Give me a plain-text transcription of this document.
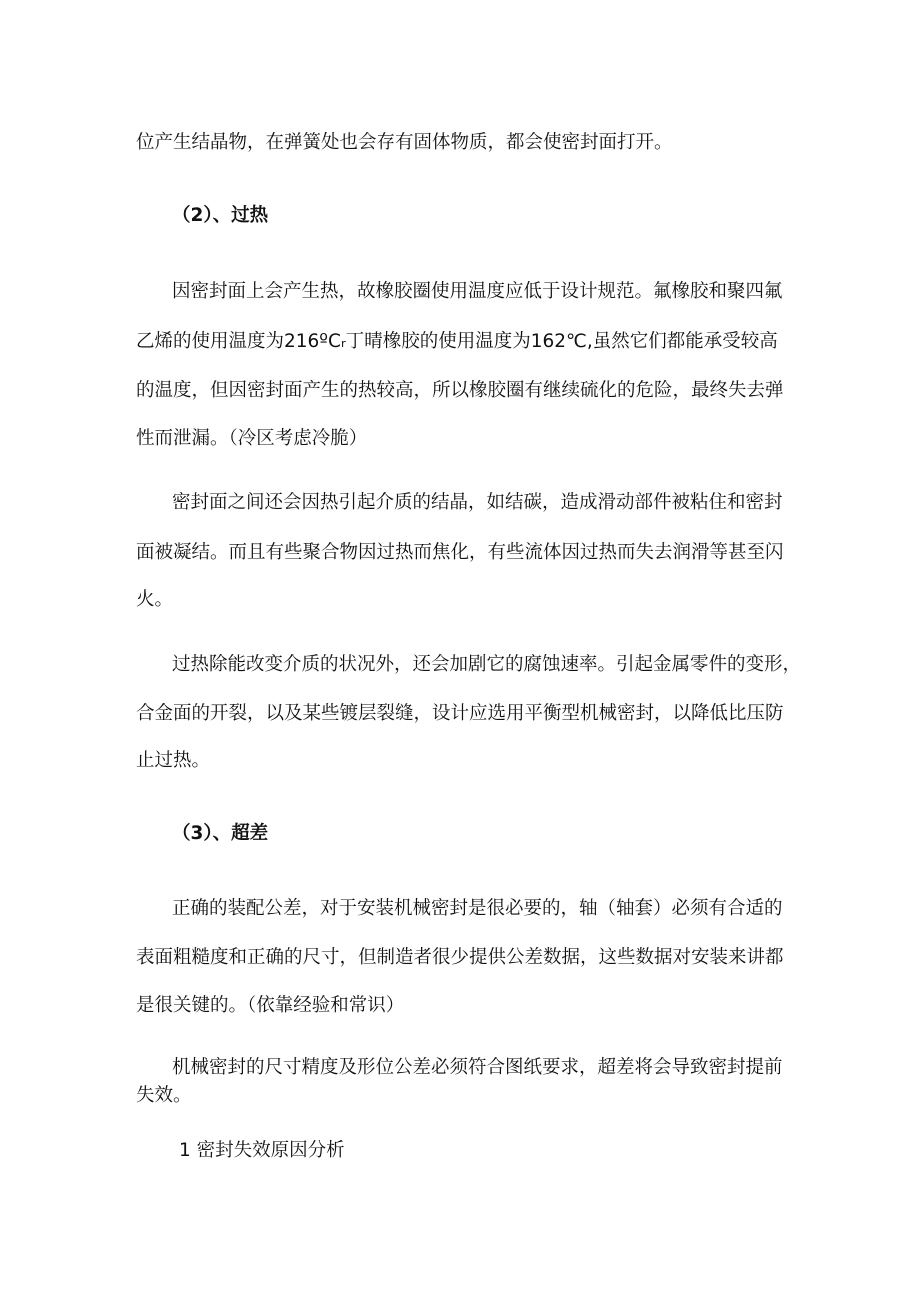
位产生结晶物，在弹簧处也会存有固体物质，都会使密封面打开。
（2）、过热
因密封面上会产生热，故橡胶圈使用温度应低于设计规范。氟橡胶和聚四氟
乙烯的使用温度为216ºCᵣ丁晴橡胶的使用温度为162℃,虽然它们都能承受较高
的温度，但因密封面产生的热较高，所以橡胶圈有继续硫化的危险，最终失去弹
性而泄漏。（冷区考虑冷脆）
密封面之间还会因热引起介质的结晶，如结碳，造成滑动部件被粘住和密封
面被凝结。而且有些聚合物因过热而焦化，有些流体因过热而失去润滑等甚至闪
火。
过热除能改变介质的状况外，还会加剧它的腐蚀速率。引起金属零件的变形，
合金面的开裂，以及某些镀层裂缝，设计应选用平衡型机械密封，以降低比压防
止过热。
（3）、超差
正确的装配公差，对于安装机械密封是很必要的，轴（轴套）必须有合适的
表面粗糙度和正确的尺寸，但制造者很少提供公差数据，这些数据对安装来讲都
是很关键的。（依靠经验和常识）
机械密封的尺寸精度及形位公差必须符合图纸要求，超差将会导致密封提前
失效。
1 密封失效原因分析
